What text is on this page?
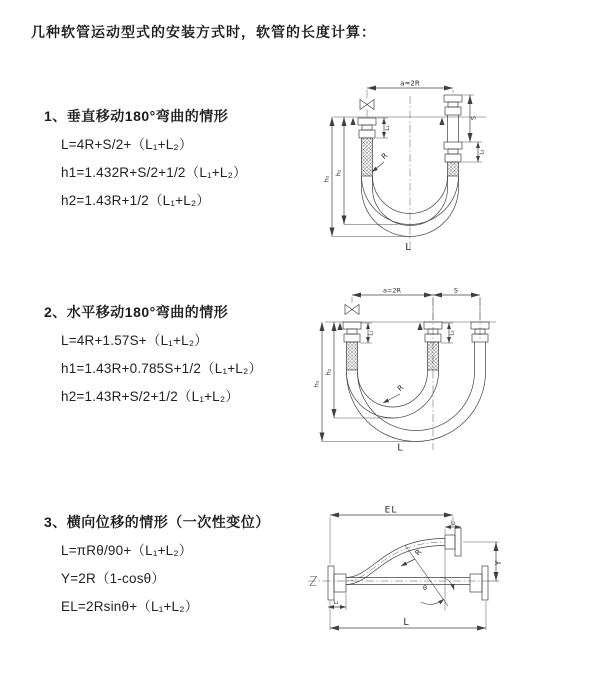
几种软管运动型式的安装方式时，软管的长度计算：
1、垂直移动180°弯曲的情形
L=4R+S/2+（L₁+L₂）
h1=1.432R+S/2+1/2（L₁+L₂）
h2=1.43R+1/2（L₁+L₂）
2、水平移动180°弯曲的情形
L=4R+1.57S+（L₁+L₂）
h1=1.43R+0.785S+1/2（L₁+L₂）
h2=1.43R+S/2+1/2（L₁+L₂）
3、横向位移的情形（一次性变位）
L=πRθ/90+（L₁+L₂）
Y=2R（1-cosθ）
EL=2Rsinθ+（L₁+L₂）
a=2R
h₁
h₂
S
L₂
L₁
R
L
a=2R	S
h₁
h₂
L₁	L₂
R
L
EL
L₂
Y
L
L₁
R
θ
